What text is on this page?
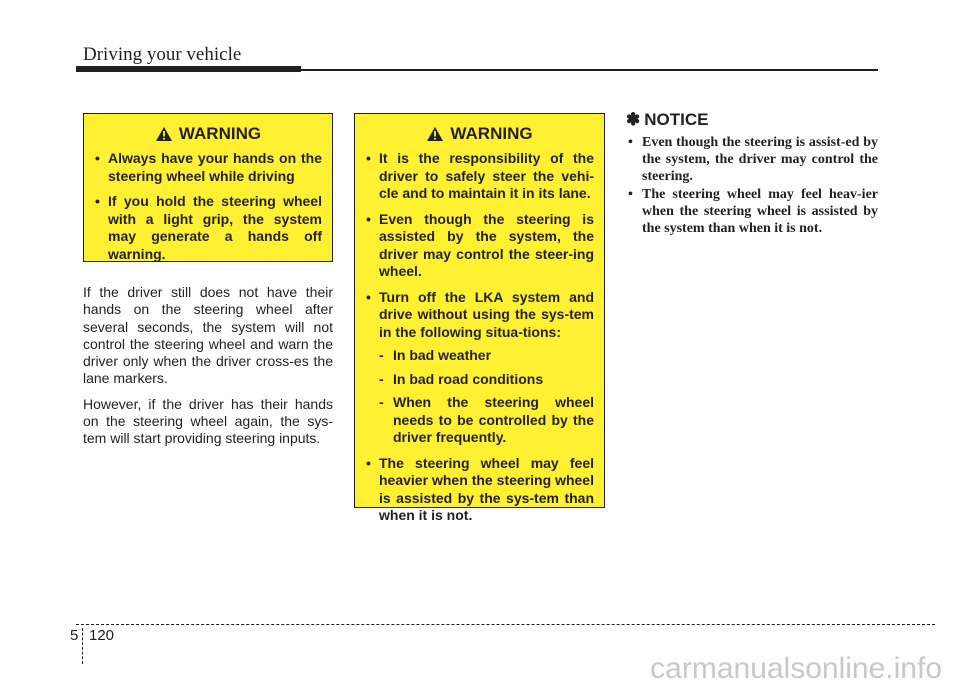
Driving your vehicle
WARNING
• Always have your hands on the steering wheel while driving
• If you hold the steering wheel with a light grip, the system may generate a hands off warning.

If the driver still does not have their hands on the steering wheel after several seconds, the system will not control the steering wheel and warn the driver only when the driver cross-es the lane markers.

However, if the driver has their hands on the steering wheel again, the sys-tem will start providing steering inputs.

WARNING
• It is the responsibility of the driver to safely steer the vehi-cle and to maintain it in its lane.
• Even though the steering is assisted by the system, the driver may control the steer-ing wheel.
• Turn off the LKA system and drive without using the sys-tem in the following situa-tions:
- In bad weather
- In bad road conditions
- When the steering wheel needs to be controlled by the driver frequently.
• The steering wheel may feel heavier when the steering wheel is assisted by the sys-tem than when it is not.
✽ NOTICE
• Even though the steering is assist-ed by the system, the driver may control the steering.
• The steering wheel may feel heav-ier when the steering wheel is assisted by the system than when it is not.
5 120
carmanualsonline.info
